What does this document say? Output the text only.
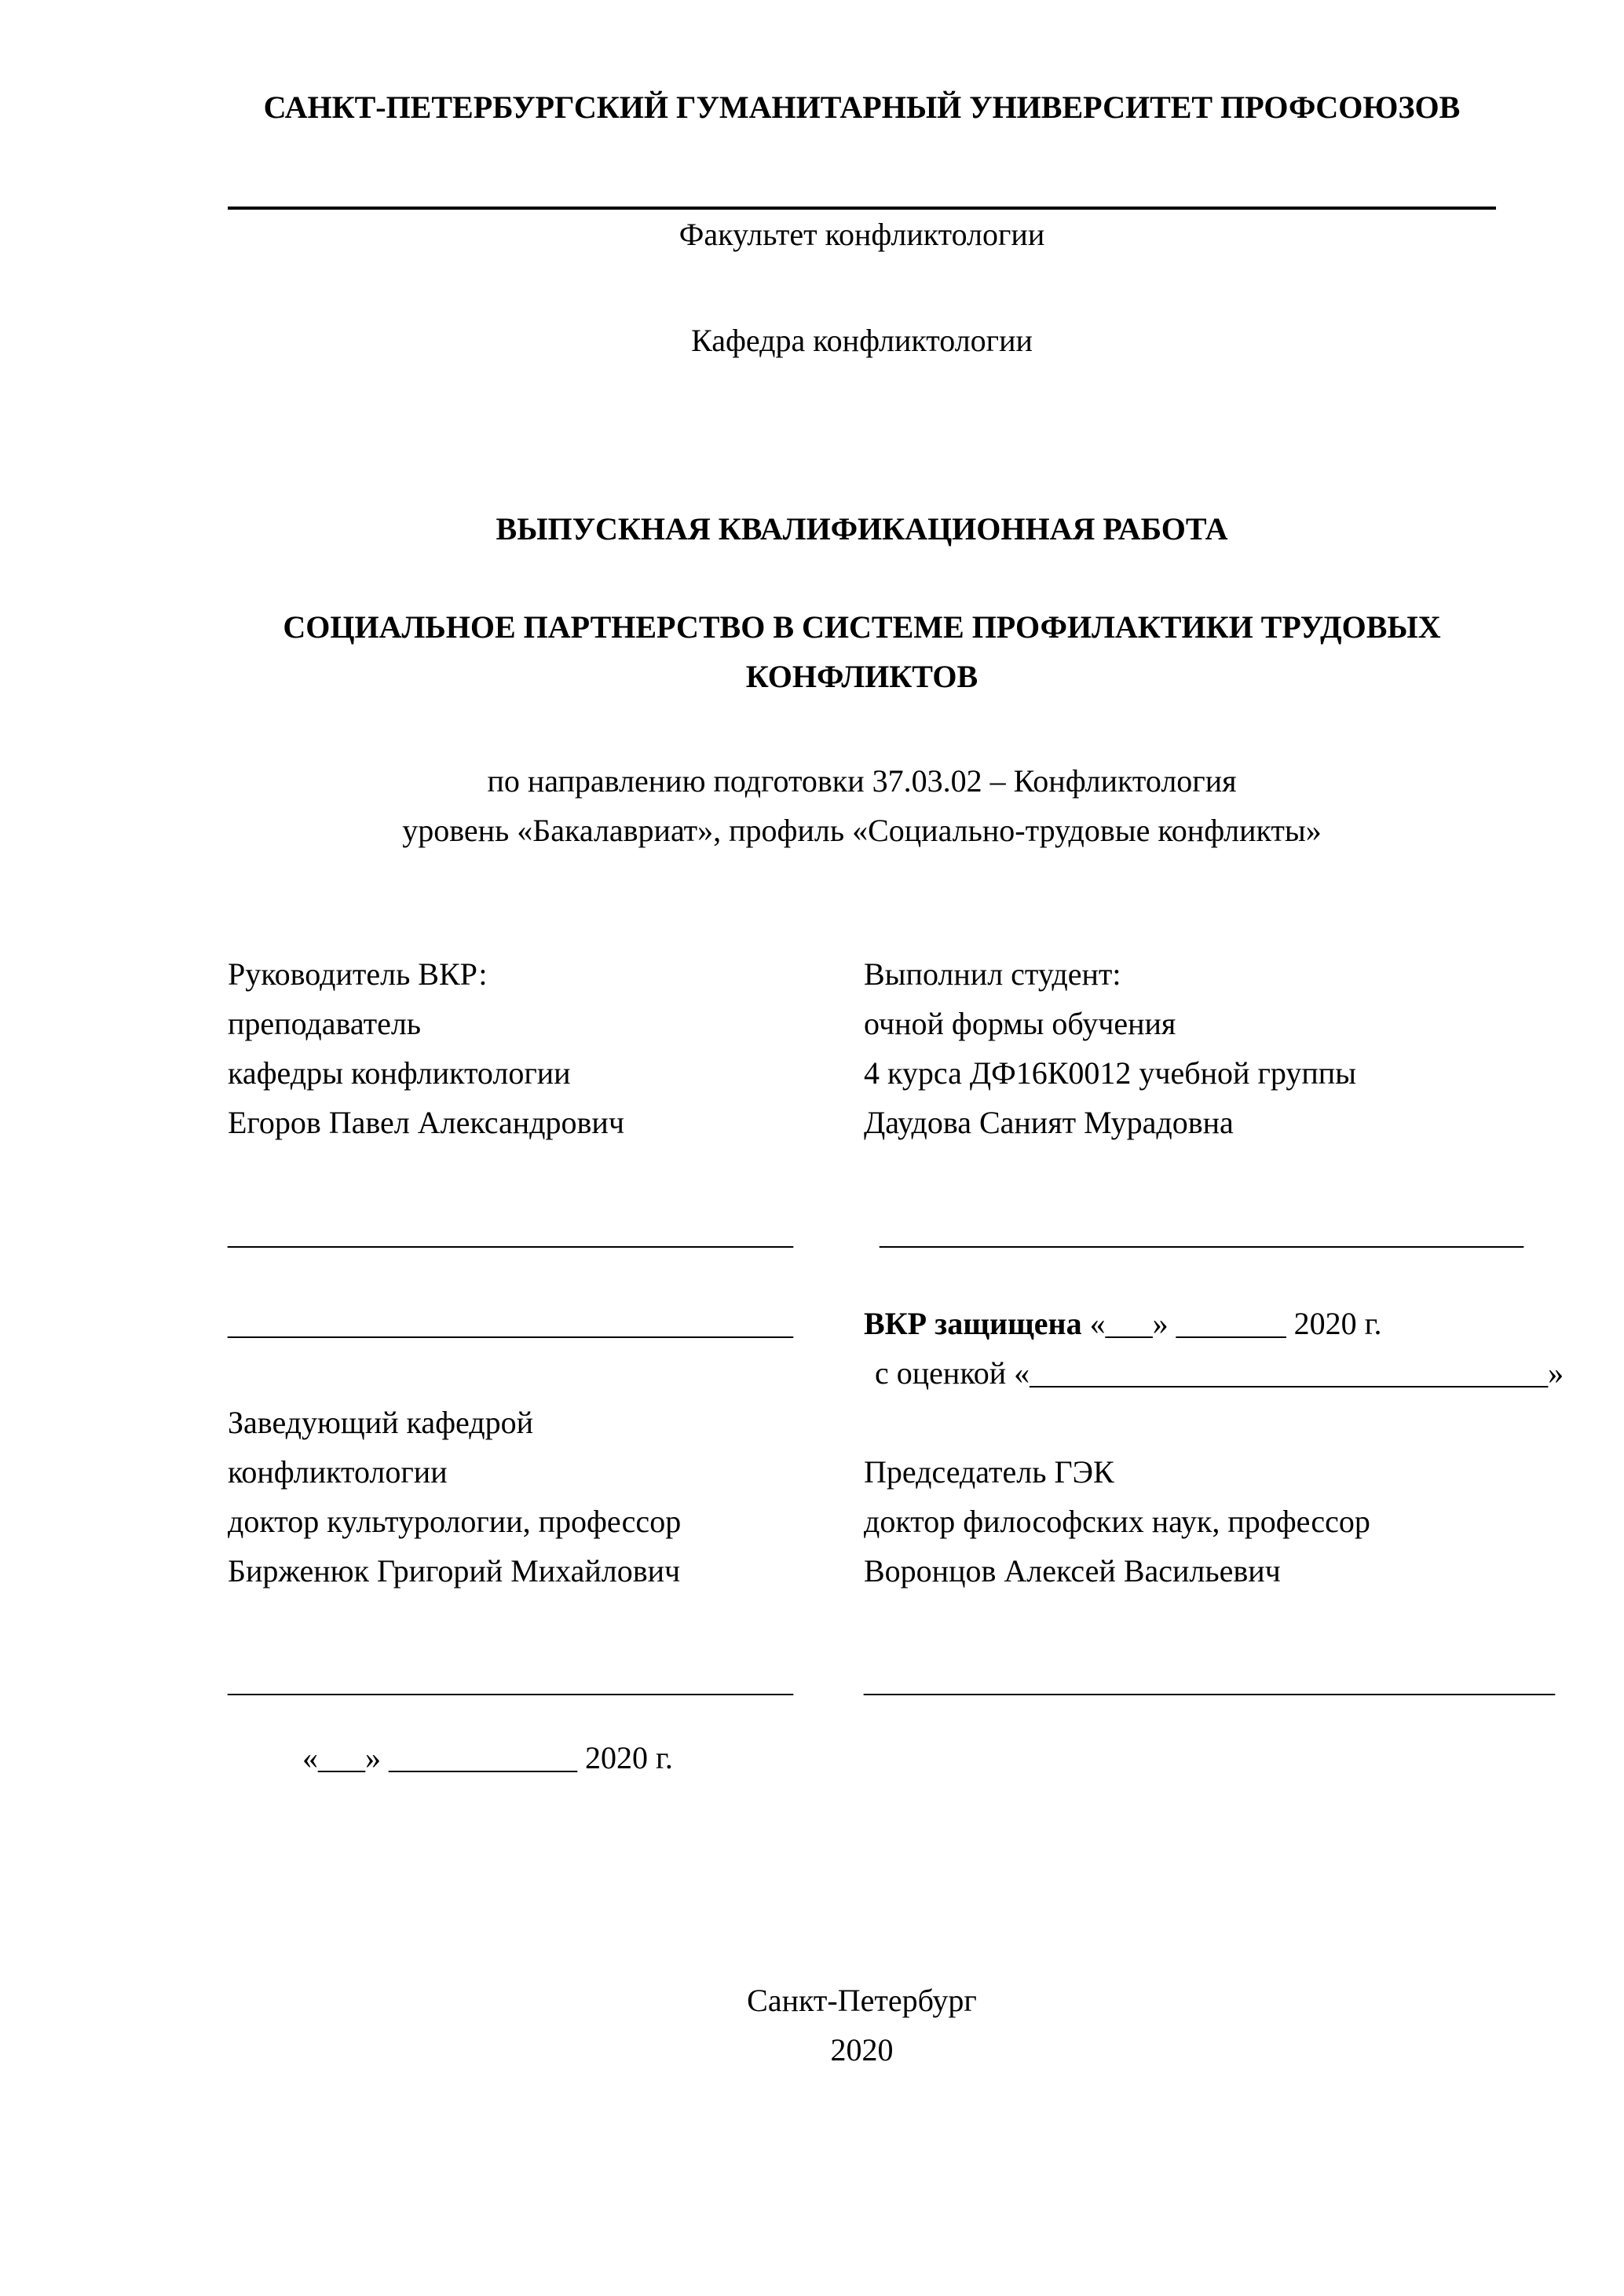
САНКТ-ПЕТЕРБУРГСКИЙ ГУМАНИТАРНЫЙ УНИВЕРСИТЕТ ПРОФСОЮЗОВ
Факультет конфликтологии
Кафедра конфликтологии
ВЫПУСКНАЯ КВАЛИФИКАЦИОННАЯ РАБОТА
СОЦИАЛЬНОЕ ПАРТНЕРСТВО В СИСТЕМЕ ПРОФИЛАКТИКИ ТРУДОВЫХ КОНФЛИКТОВ
по направлению подготовки 37.03.02 – Конфликтология
уровень «Бакалавриат», профиль «Социально-трудовые конфликты»
Руководитель ВКР:	Выполнил студент:
преподаватель	очной формы обучения
кафедры конфликтологии	4 курса ДФ16К0012 учебной группы
Егоров Павел Александрович	Даудова Саният Мурадовна
____________________________________	_________________________________________
____________________________________	ВКР защищена «___» _______ 2020 г.
с оценкой «_________________________________»
Заведующий кафедрой
конфликтологии	Председатель ГЭК
доктор культурологии, профессор	доктор философских наук, профессор
Бирженюк Григорий Михайлович	Воронцов Алексей Васильевич
____________________________________	____________________________________________
«___» ____________ 2020 г.
Санкт-Петербург
2020
